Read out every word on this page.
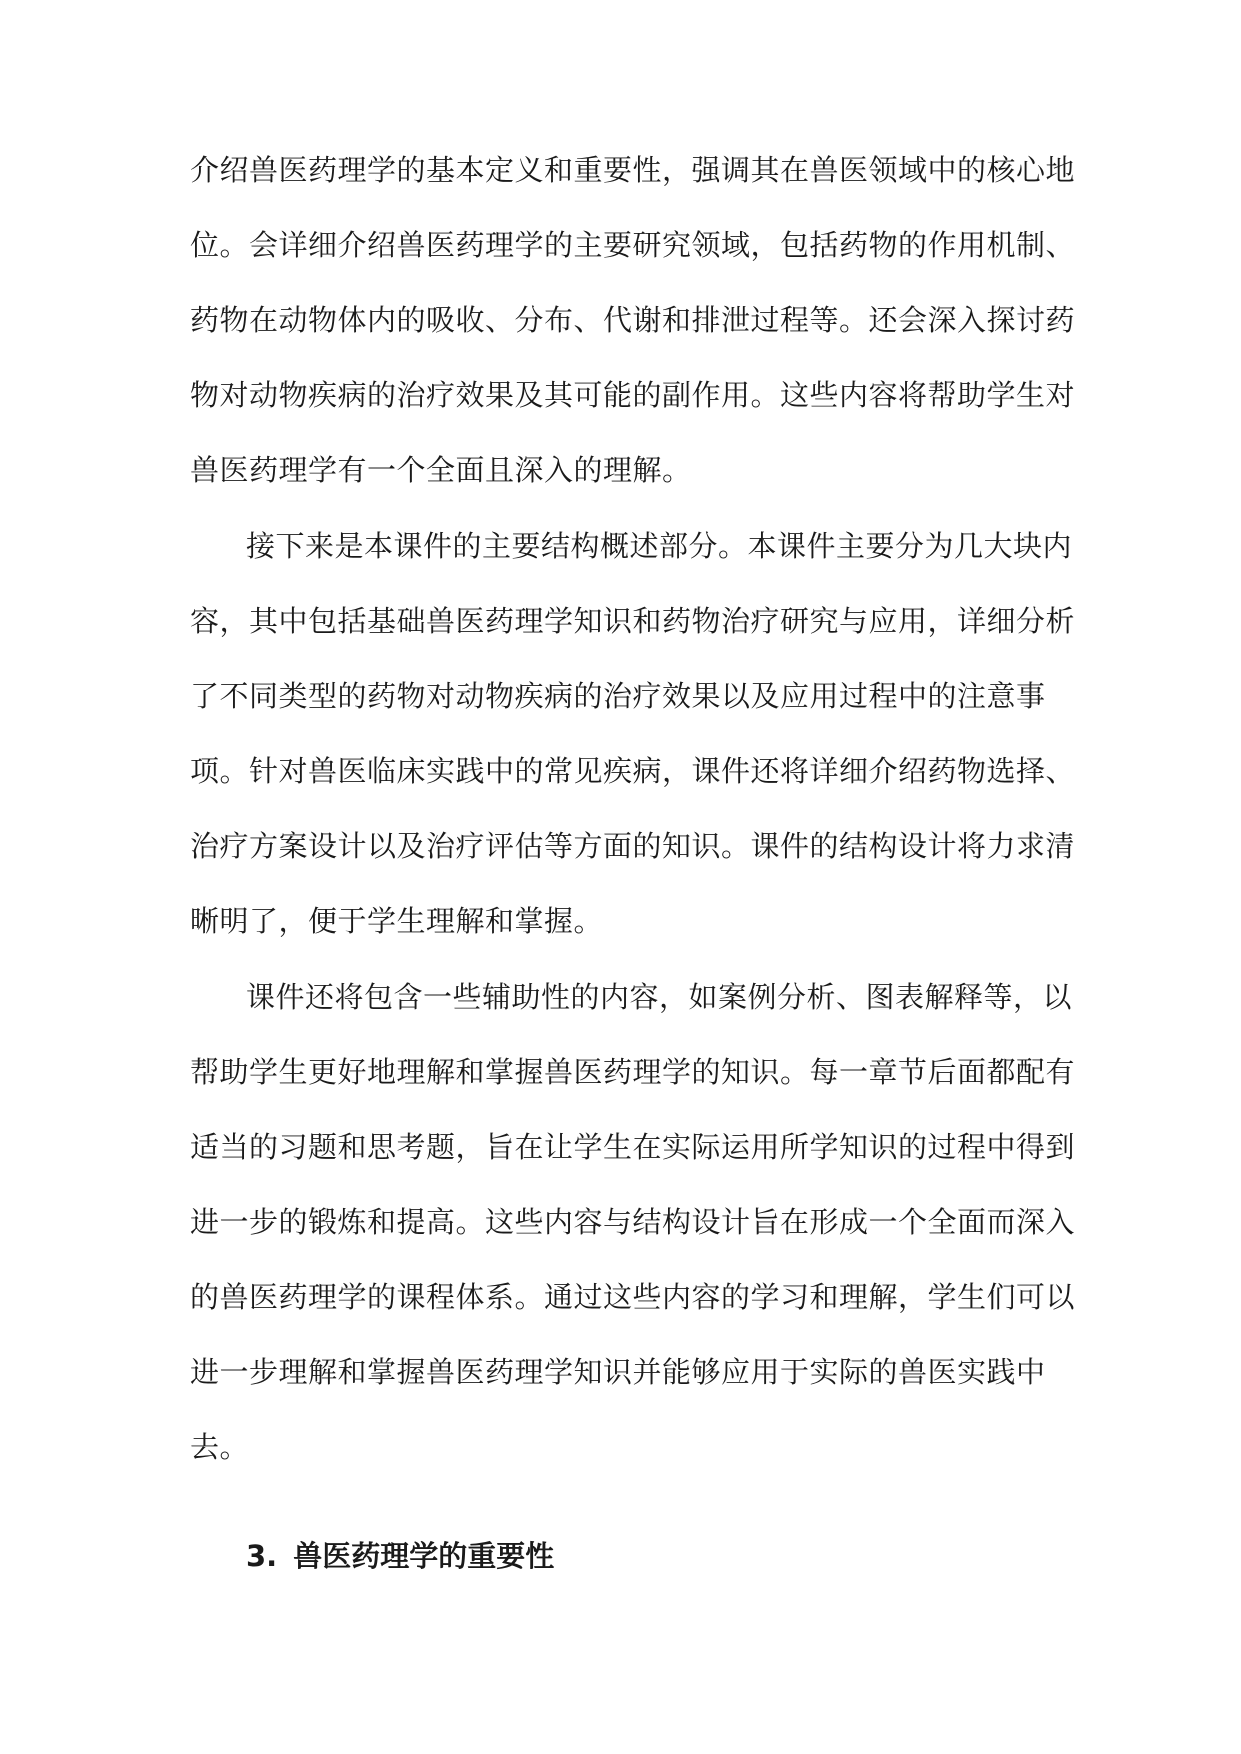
介绍兽医药理学的基本定义和重要性，强调其在兽医领域中的核心地
位。会详细介绍兽医药理学的主要研究领域，包括药物的作用机制、
药物在动物体内的吸收、分布、代谢和排泄过程等。还会深入探讨药
物对动物疾病的治疗效果及其可能的副作用。这些内容将帮助学生对
兽医药理学有一个全面且深入的理解。
接下来是本课件的主要结构概述部分。本课件主要分为几大块内
容，其中包括基础兽医药理学知识和药物治疗研究与应用，详细分析
了不同类型的药物对动物疾病的治疗效果以及应用过程中的注意事
项。针对兽医临床实践中的常见疾病，课件还将详细介绍药物选择、
治疗方案设计以及治疗评估等方面的知识。课件的结构设计将力求清
晰明了，便于学生理解和掌握。
课件还将包含一些辅助性的内容，如案例分析、图表解释等，以
帮助学生更好地理解和掌握兽医药理学的知识。每一章节后面都配有
适当的习题和思考题，旨在让学生在实际运用所学知识的过程中得到
进一步的锻炼和提高。这些内容与结构设计旨在形成一个全面而深入
的兽医药理学的课程体系。通过这些内容的学习和理解，学生们可以
进一步理解和掌握兽医药理学知识并能够应用于实际的兽医实践中
去。
3. 兽医药理学的重要性
